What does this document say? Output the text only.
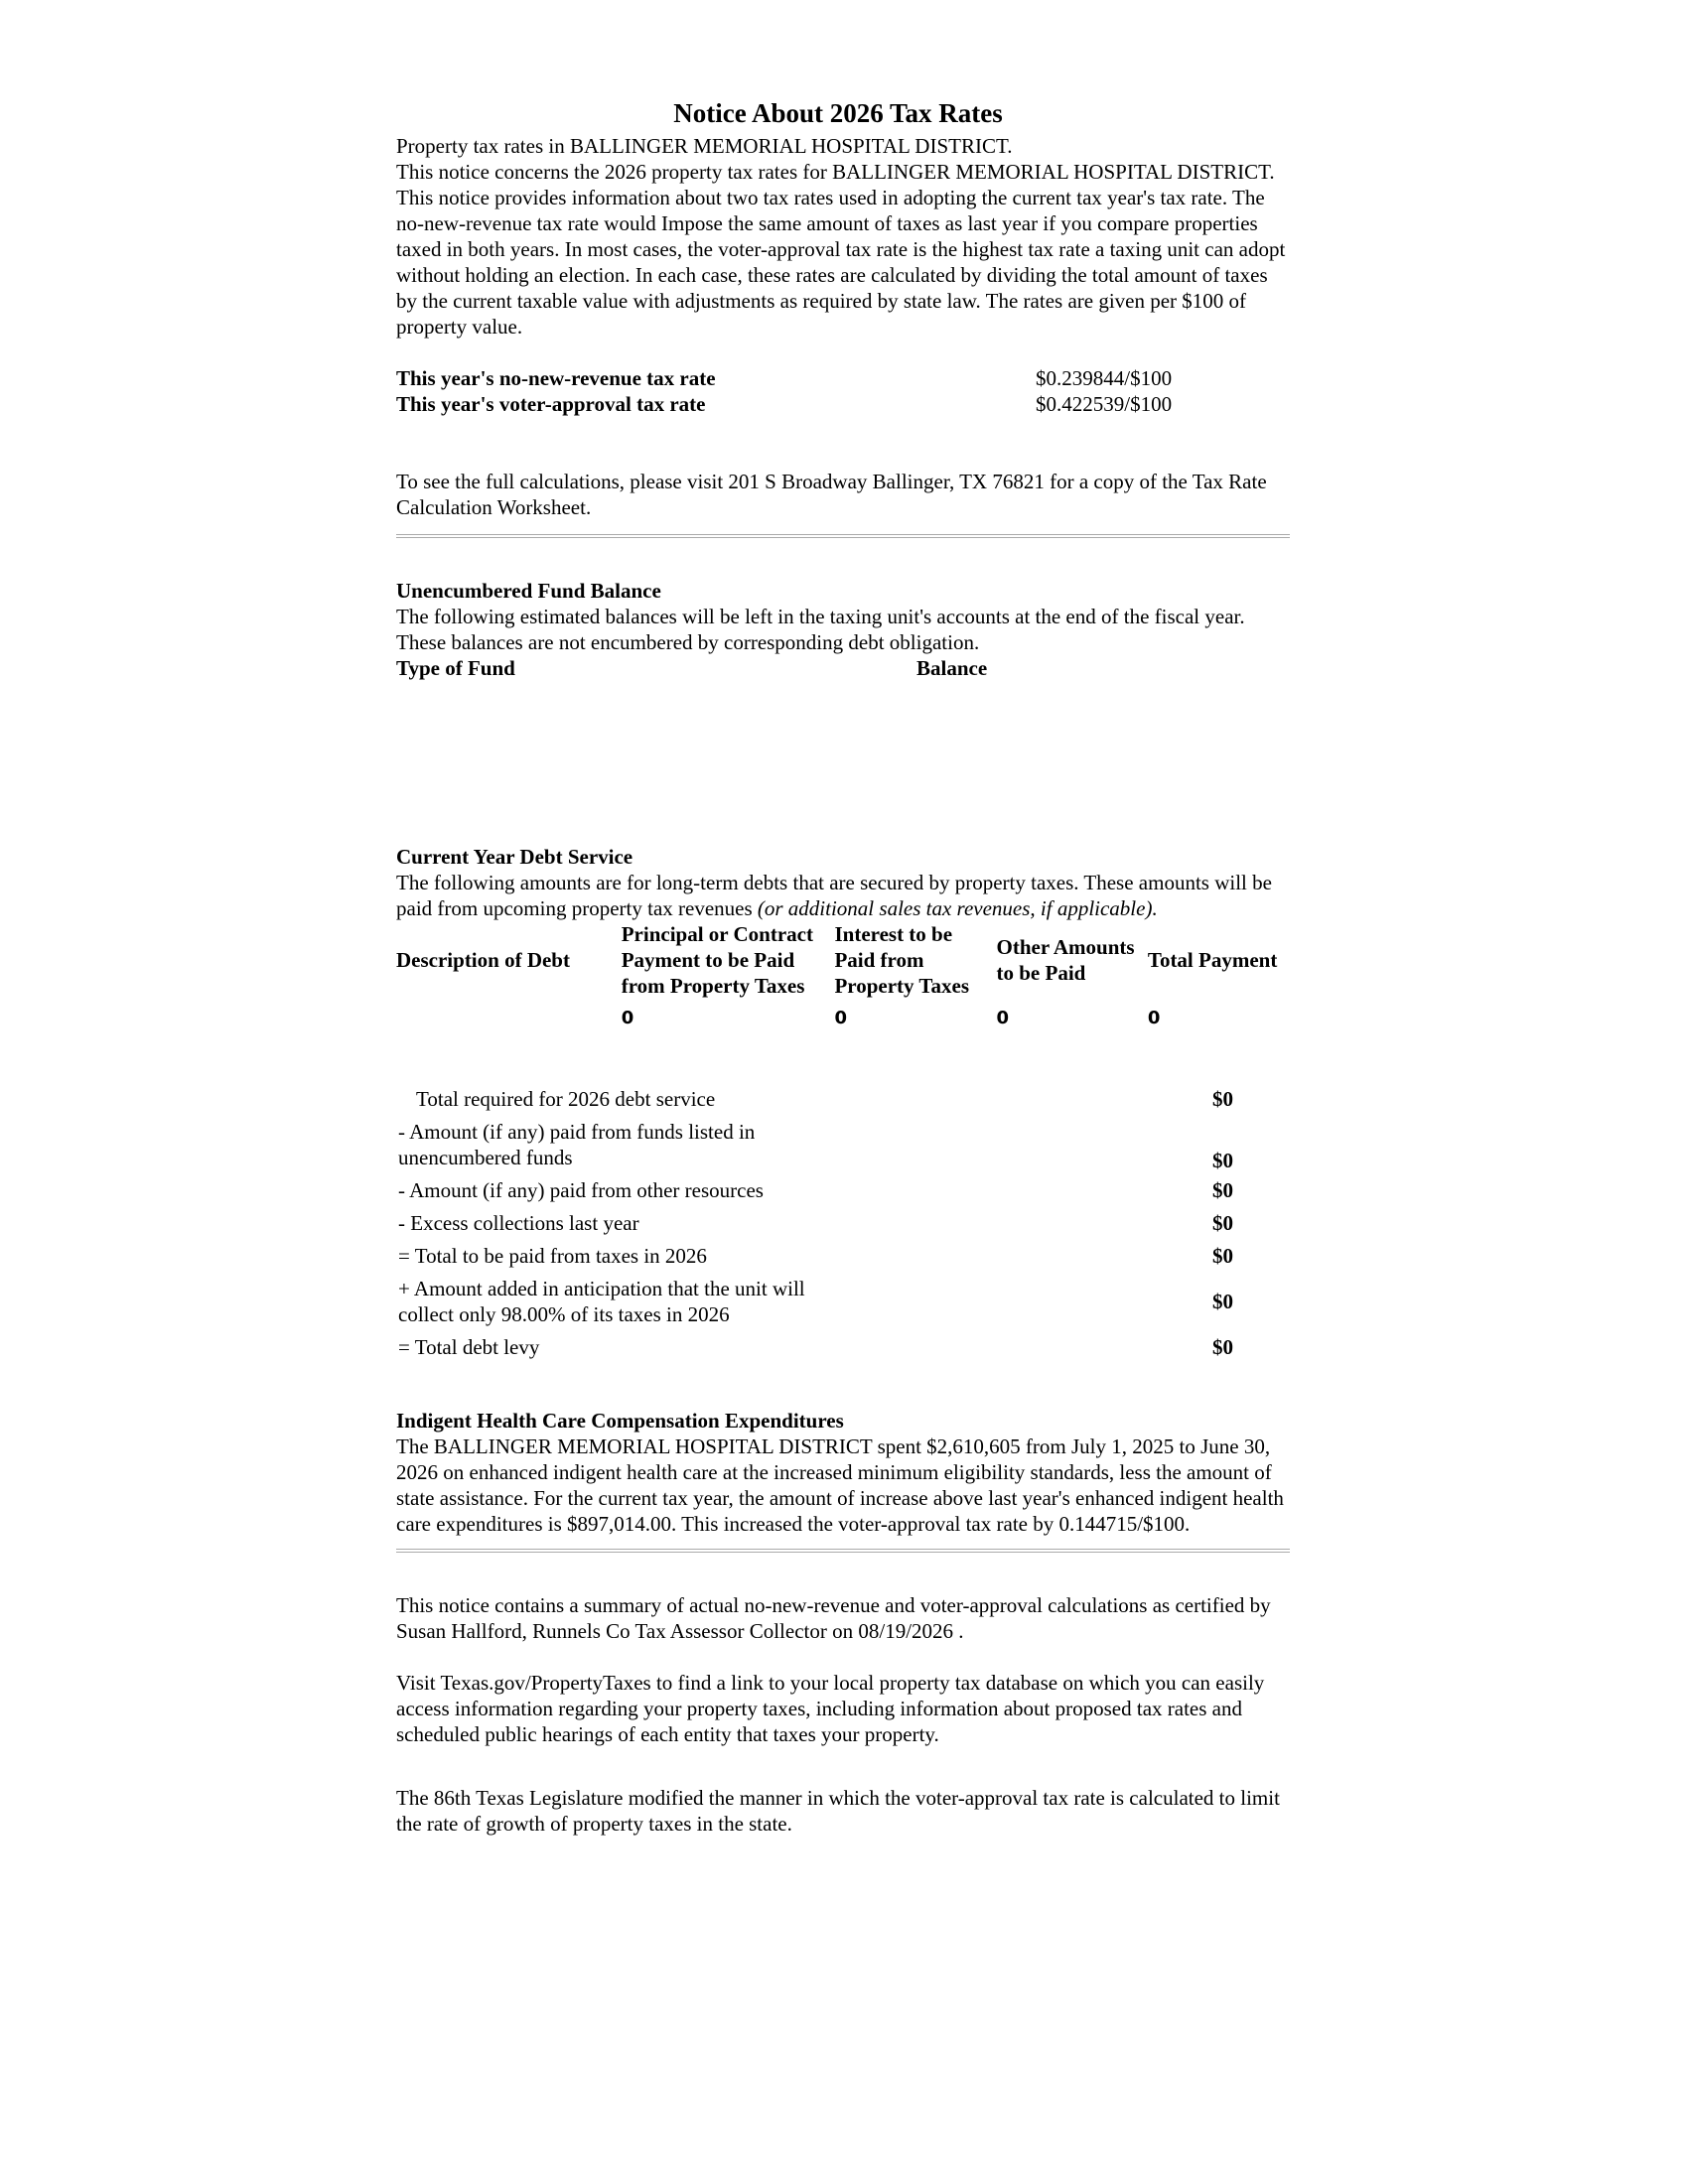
Notice About 2026 Tax Rates

Property tax rates in BALLINGER MEMORIAL HOSPITAL DISTRICT.

This notice concerns the 2026 property tax rates for BALLINGER MEMORIAL HOSPITAL DISTRICT. This notice provides information about two tax rates used in adopting the current tax year's tax rate. The no-new-revenue tax rate would Impose the same amount of taxes as last year if you compare properties taxed in both years. In most cases, the voter-approval tax rate is the highest tax rate a taxing unit can adopt without holding an election. In each case, these rates are calculated by dividing the total amount of taxes by the current taxable value with adjustments as required by state law. The rates are given per $100 of property value.

This year's no-new-revenue tax rate	$0.239844/$100
This year's voter-approval tax rate	$0.422539/$100

To see the full calculations, please visit 201 S Broadway Ballinger, TX 76821 for a copy of the Tax Rate Calculation Worksheet.

Unencumbered Fund Balance

The following estimated balances will be left in the taxing unit's accounts at the end of the fiscal year. These balances are not encumbered by corresponding debt obligation.

Type of Fund	Balance

Current Year Debt Service

The following amounts are for long-term debts that are secured by property taxes. These amounts will be paid from upcoming property tax revenues (or additional sales tax revenues, if applicable).

Description of Debt	Principal or Contract Payment to be Paid from Property Taxes	Interest to be Paid from Property Taxes	Other Amounts to be Paid	Total Payment
	0	0	0	0
Total required for 2026 debt service	$0
- Amount (if any) paid from funds listed in unencumbered funds	$0
- Amount (if any) paid from other resources	$0
- Excess collections last year	$0
= Total to be paid from taxes in 2026	$0
+ Amount added in anticipation that the unit will collect only 98.00% of its taxes in 2026	$0
= Total debt levy	$0

Indigent Health Care Compensation Expenditures

The BALLINGER MEMORIAL HOSPITAL DISTRICT spent $2,610,605 from July 1, 2025 to June 30, 2026 on enhanced indigent health care at the increased minimum eligibility standards, less the amount of state assistance. For the current tax year, the amount of increase above last year's enhanced indigent health care expenditures is $897,014.00. This increased the voter-approval tax rate by 0.144715/$100.

This notice contains a summary of actual no-new-revenue and voter-approval calculations as certified by Susan Hallford, Runnels Co Tax Assessor Collector on 08/19/2026 .

Visit Texas.gov/PropertyTaxes to find a link to your local property tax database on which you can easily access information regarding your property taxes, including information about proposed tax rates and scheduled public hearings of each entity that taxes your property.

The 86th Texas Legislature modified the manner in which the voter-approval tax rate is calculated to limit the rate of growth of property taxes in the state.
